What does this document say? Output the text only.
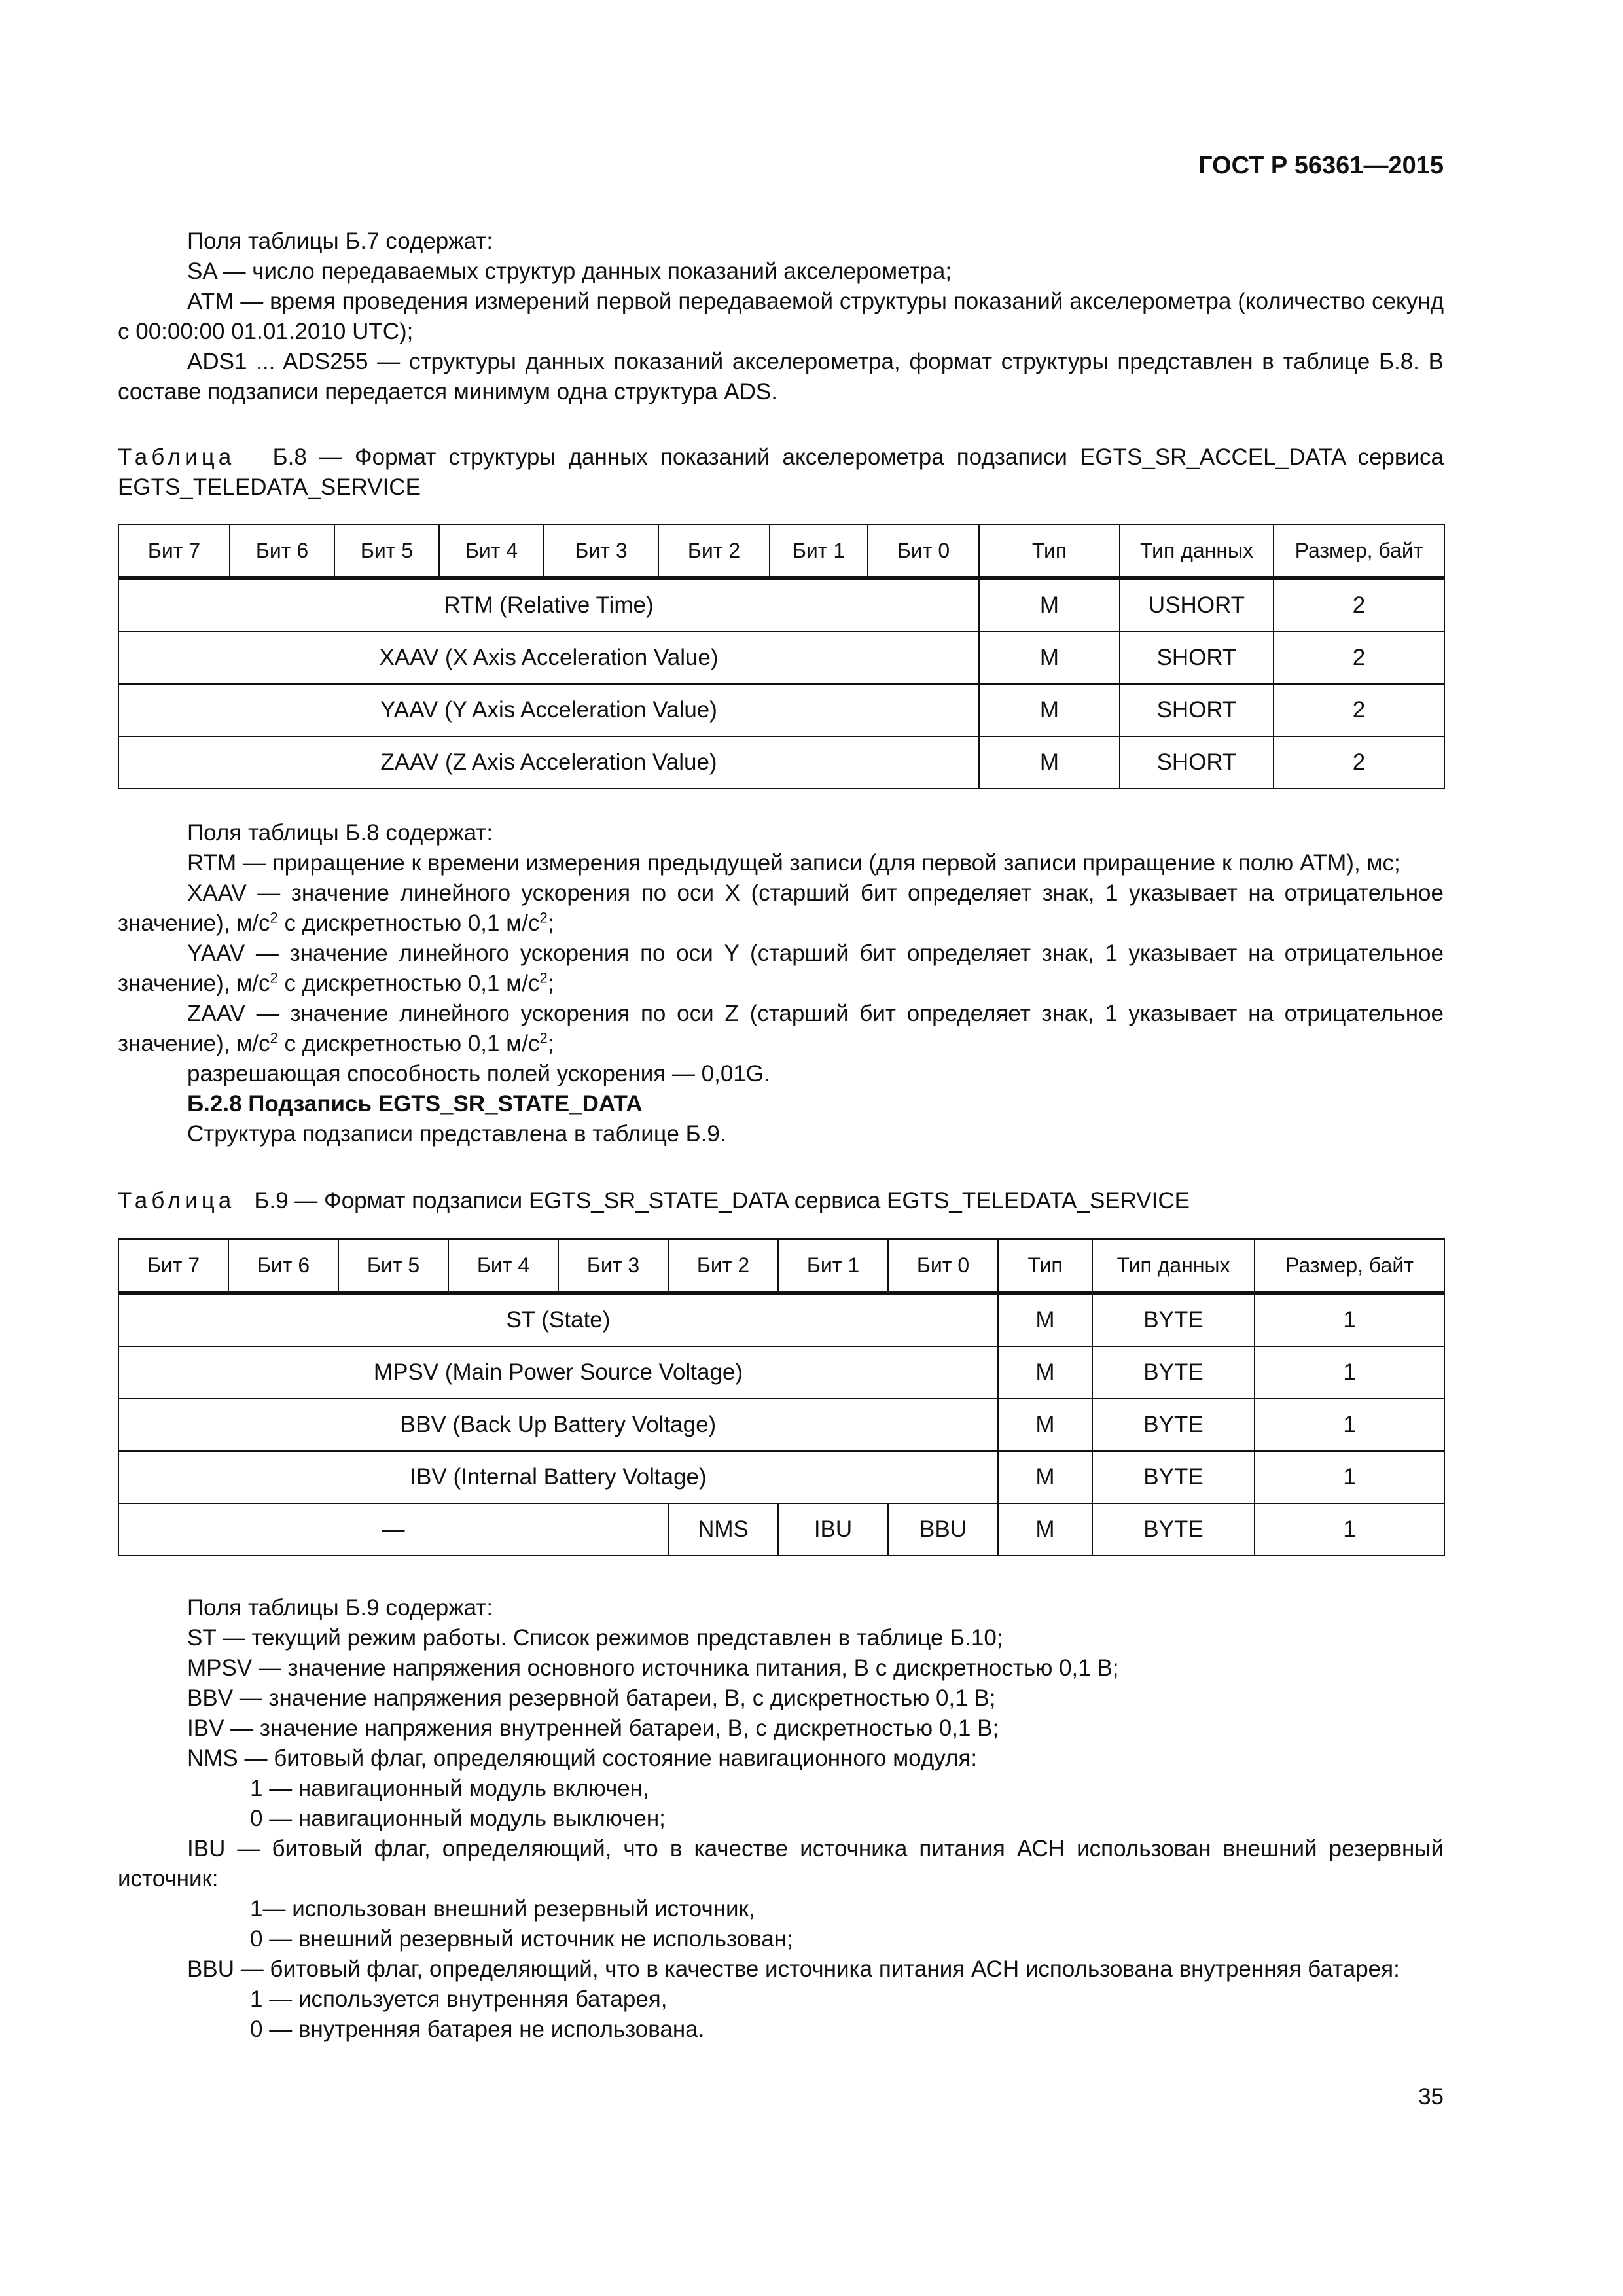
ГОСТ Р 56361—2015

Поля таблицы Б.7 содержат:

SA — число передаваемых структур данных показаний акселерометра;

ATM — время проведения измерений первой передаваемой структуры показаний акселерометра (количество секунд с 00:00:00 01.01.2010 UTC);

ADS1 ... ADS255 — структуры данных показаний акселерометра, формат структуры представлен в таблице Б.8. В составе подзаписи передается минимум одна структура ADS.

Таблица Б.8 — Формат структуры данных показаний акселерометра подзаписи EGTS_SR_ACCEL_DATA сервиса EGTS_TELEDATA_SERVICE

Бит 7	Бит 6	Бит 5	Бит 4	Бит 3	Бит 2	Бит 1	Бит 0	Тип	Тип данных	Размер, байт
RTM (Relative Time)								M	USHORT	2
XAAV (X Axis Acceleration Value)								M	SHORT	2
YAAV (Y Axis Acceleration Value)								M	SHORT	2
ZAAV (Z Axis Acceleration Value)								M	SHORT	2

Поля таблицы Б.8 содержат:

RTM — приращение к времени измерения предыдущей записи (для первой записи приращение к полю ATM), мс;

XAAV — значение линейного ускорения по оси X (старший бит определяет знак, 1 указывает на отрицательное значение), $м/с^2$ с дискретностью 0,1 $м/с^2$;

YAAV — значение линейного ускорения по оси Y (старший бит определяет знак, 1 указывает на отрицательное значение), $м/с^2$ с дискретностью 0,1 $м/с^2$;

ZAAV — значение линейного ускорения по оси Z (старший бит определяет знак, 1 указывает на отрицательное значение), $м/с^2$ с дискретностью 0,1 $м/с^2$;

разрешающая способность полей ускорения — 0,01G.

Б.2.8 Подзапись EGTS_SR_STATE_DATA

Структура подзаписи представлена в таблице Б.9.

Таблица Б.9 — Формат подзаписи EGTS_SR_STATE_DATA сервиса EGTS_TELEDATA_SERVICE

Бит 7	Бит 6	Бит 5	Бит 4	Бит 3	Бит 2	Бит 1	Бит 0	Тип	Тип данных	Размер, байт
ST (State)								M	BYTE	1
MPSV (Main Power Source Voltage)								M	BYTE	1
BBV (Back Up Battery Voltage)								M	BYTE	1
IBV (Internal Battery Voltage)								M	BYTE	1
—					NMS	IBU	BBU	M	BYTE	1

Поля таблицы Б.9 содержат:

ST — текущий режим работы. Список режимов представлен в таблице Б.10;

MPSV — значение напряжения основного источника питания, В с дискретностью 0,1 В;

BBV — значение напряжения резервной батареи, В, с дискретностью 0,1 В;

IBV — значение напряжения внутренней батареи, В, с дискретностью 0,1 В;

NMS — битовый флаг, определяющий состояние навигационного модуля:

1 — навигационный модуль включен,

0 — навигационный модуль выключен;

IBU — битовый флаг, определяющий, что в качестве источника питания АСН использован внешний резервный источник:

1— использован внешний резервный источник,

0 — внешний резервный источник не использован;

BBU — битовый флаг, определяющий, что в качестве источника питания АСН использована внутренняя батарея:

1 — используется внутренняя батарея,

0 — внутренняя батарея не использована.

35
